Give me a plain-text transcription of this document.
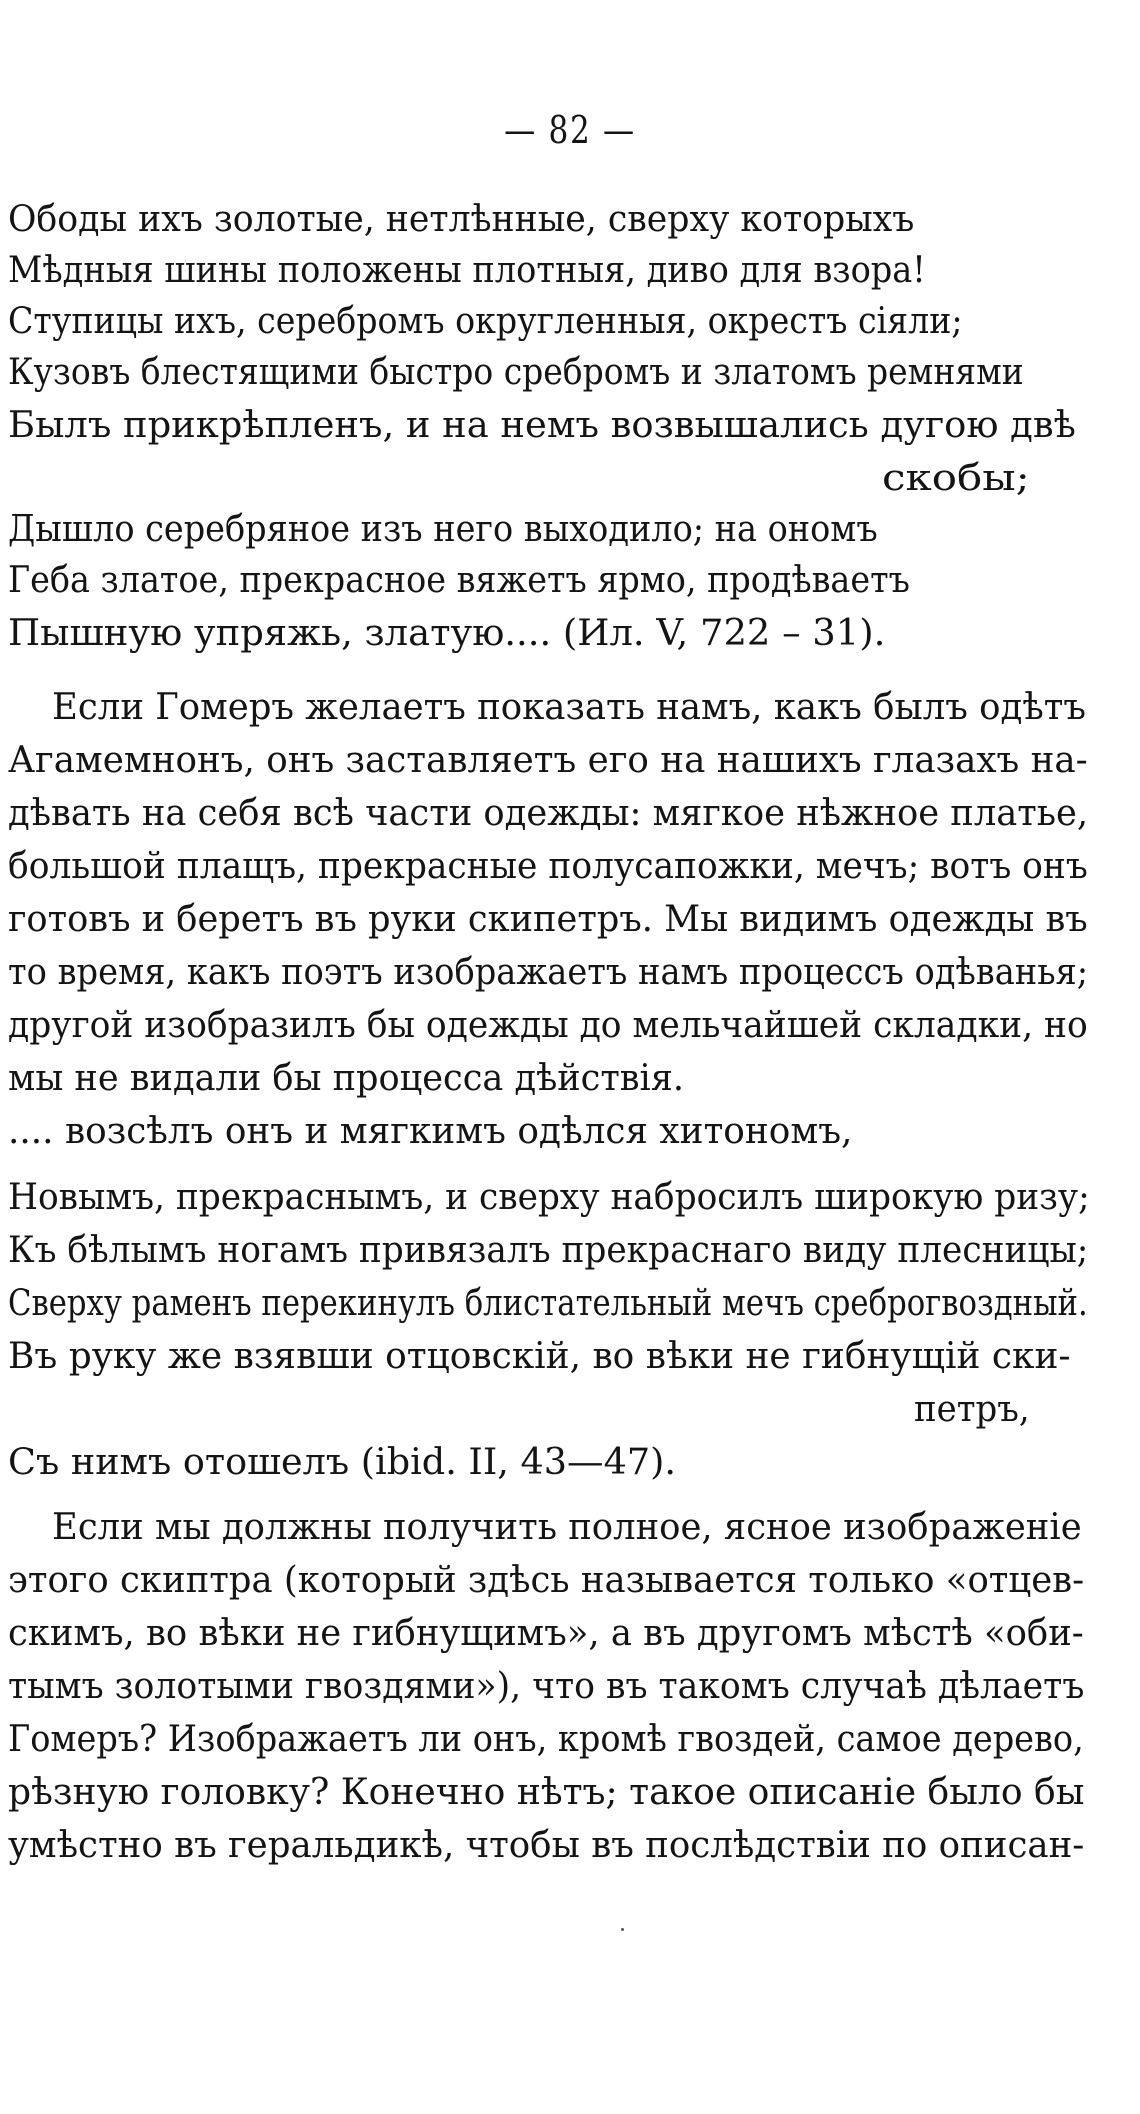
— 82 —
Ободы ихъ золотые, нетлѣнные, сверху которыхъ
Мѣдныя шины положены плотныя, диво для взора!
Ступицы ихъ, серебромъ округленныя, окрестъ сіяли;
Кузовъ блестящими быстро сребромъ и златомъ ремнями
Былъ прикрѣпленъ, и на немъ возвышались дугою двѣ
скобы;
Дышло серебряное изъ него выходило; на ономъ
Геба златое, прекрасное вяжетъ ярмо, продѣваетъ
Пышную упряжь, златую.... (Ил. V, 722 – 31).
Если Гомеръ желаетъ показать намъ, какъ былъ одѣтъ
Агамемнонъ, онъ заставляетъ его на нашихъ глазахъ на-
дѣвать на себя всѣ части одежды: мягкое нѣжное платье,
большой плащъ, прекрасные полусапожки, мечъ; вотъ онъ
готовъ и беретъ въ руки скипетръ. Мы видимъ одежды въ
то время, какъ поэтъ изображаетъ намъ процессъ одѣванья;
другой изобразилъ бы одежды до мельчайшей складки, но
мы не видали бы процесса дѣйствія.
.... возсѣлъ онъ и мягкимъ одѣлся хитономъ,
Новымъ, прекраснымъ, и сверху набросилъ широкую ризу;
Къ бѣлымъ ногамъ привязалъ прекраснаго виду плесницы;
Сверху раменъ перекинулъ блистательный мечъ среброгвоздный.
Въ руку же взявши отцовскій, во вѣки не гибнущій ски-
петръ,
Съ нимъ отошелъ (ibid. II, 43—47).
Если мы должны получить полное, ясное изображеніе
этого скиптра (который здѣсь называется только «отцев-
скимъ, во вѣки не гибнущимъ», а въ другомъ мѣстѣ «оби-
тымъ золотыми гвоздями»), что въ такомъ случаѣ дѣлаетъ
Гомеръ? Изображаетъ ли онъ, кромѣ гвоздей, самое дерево,
рѣзную головку? Конечно нѣтъ; такое описаніе было бы
умѣстно въ геральдикѣ, чтобы въ послѣдствіи по описан-
